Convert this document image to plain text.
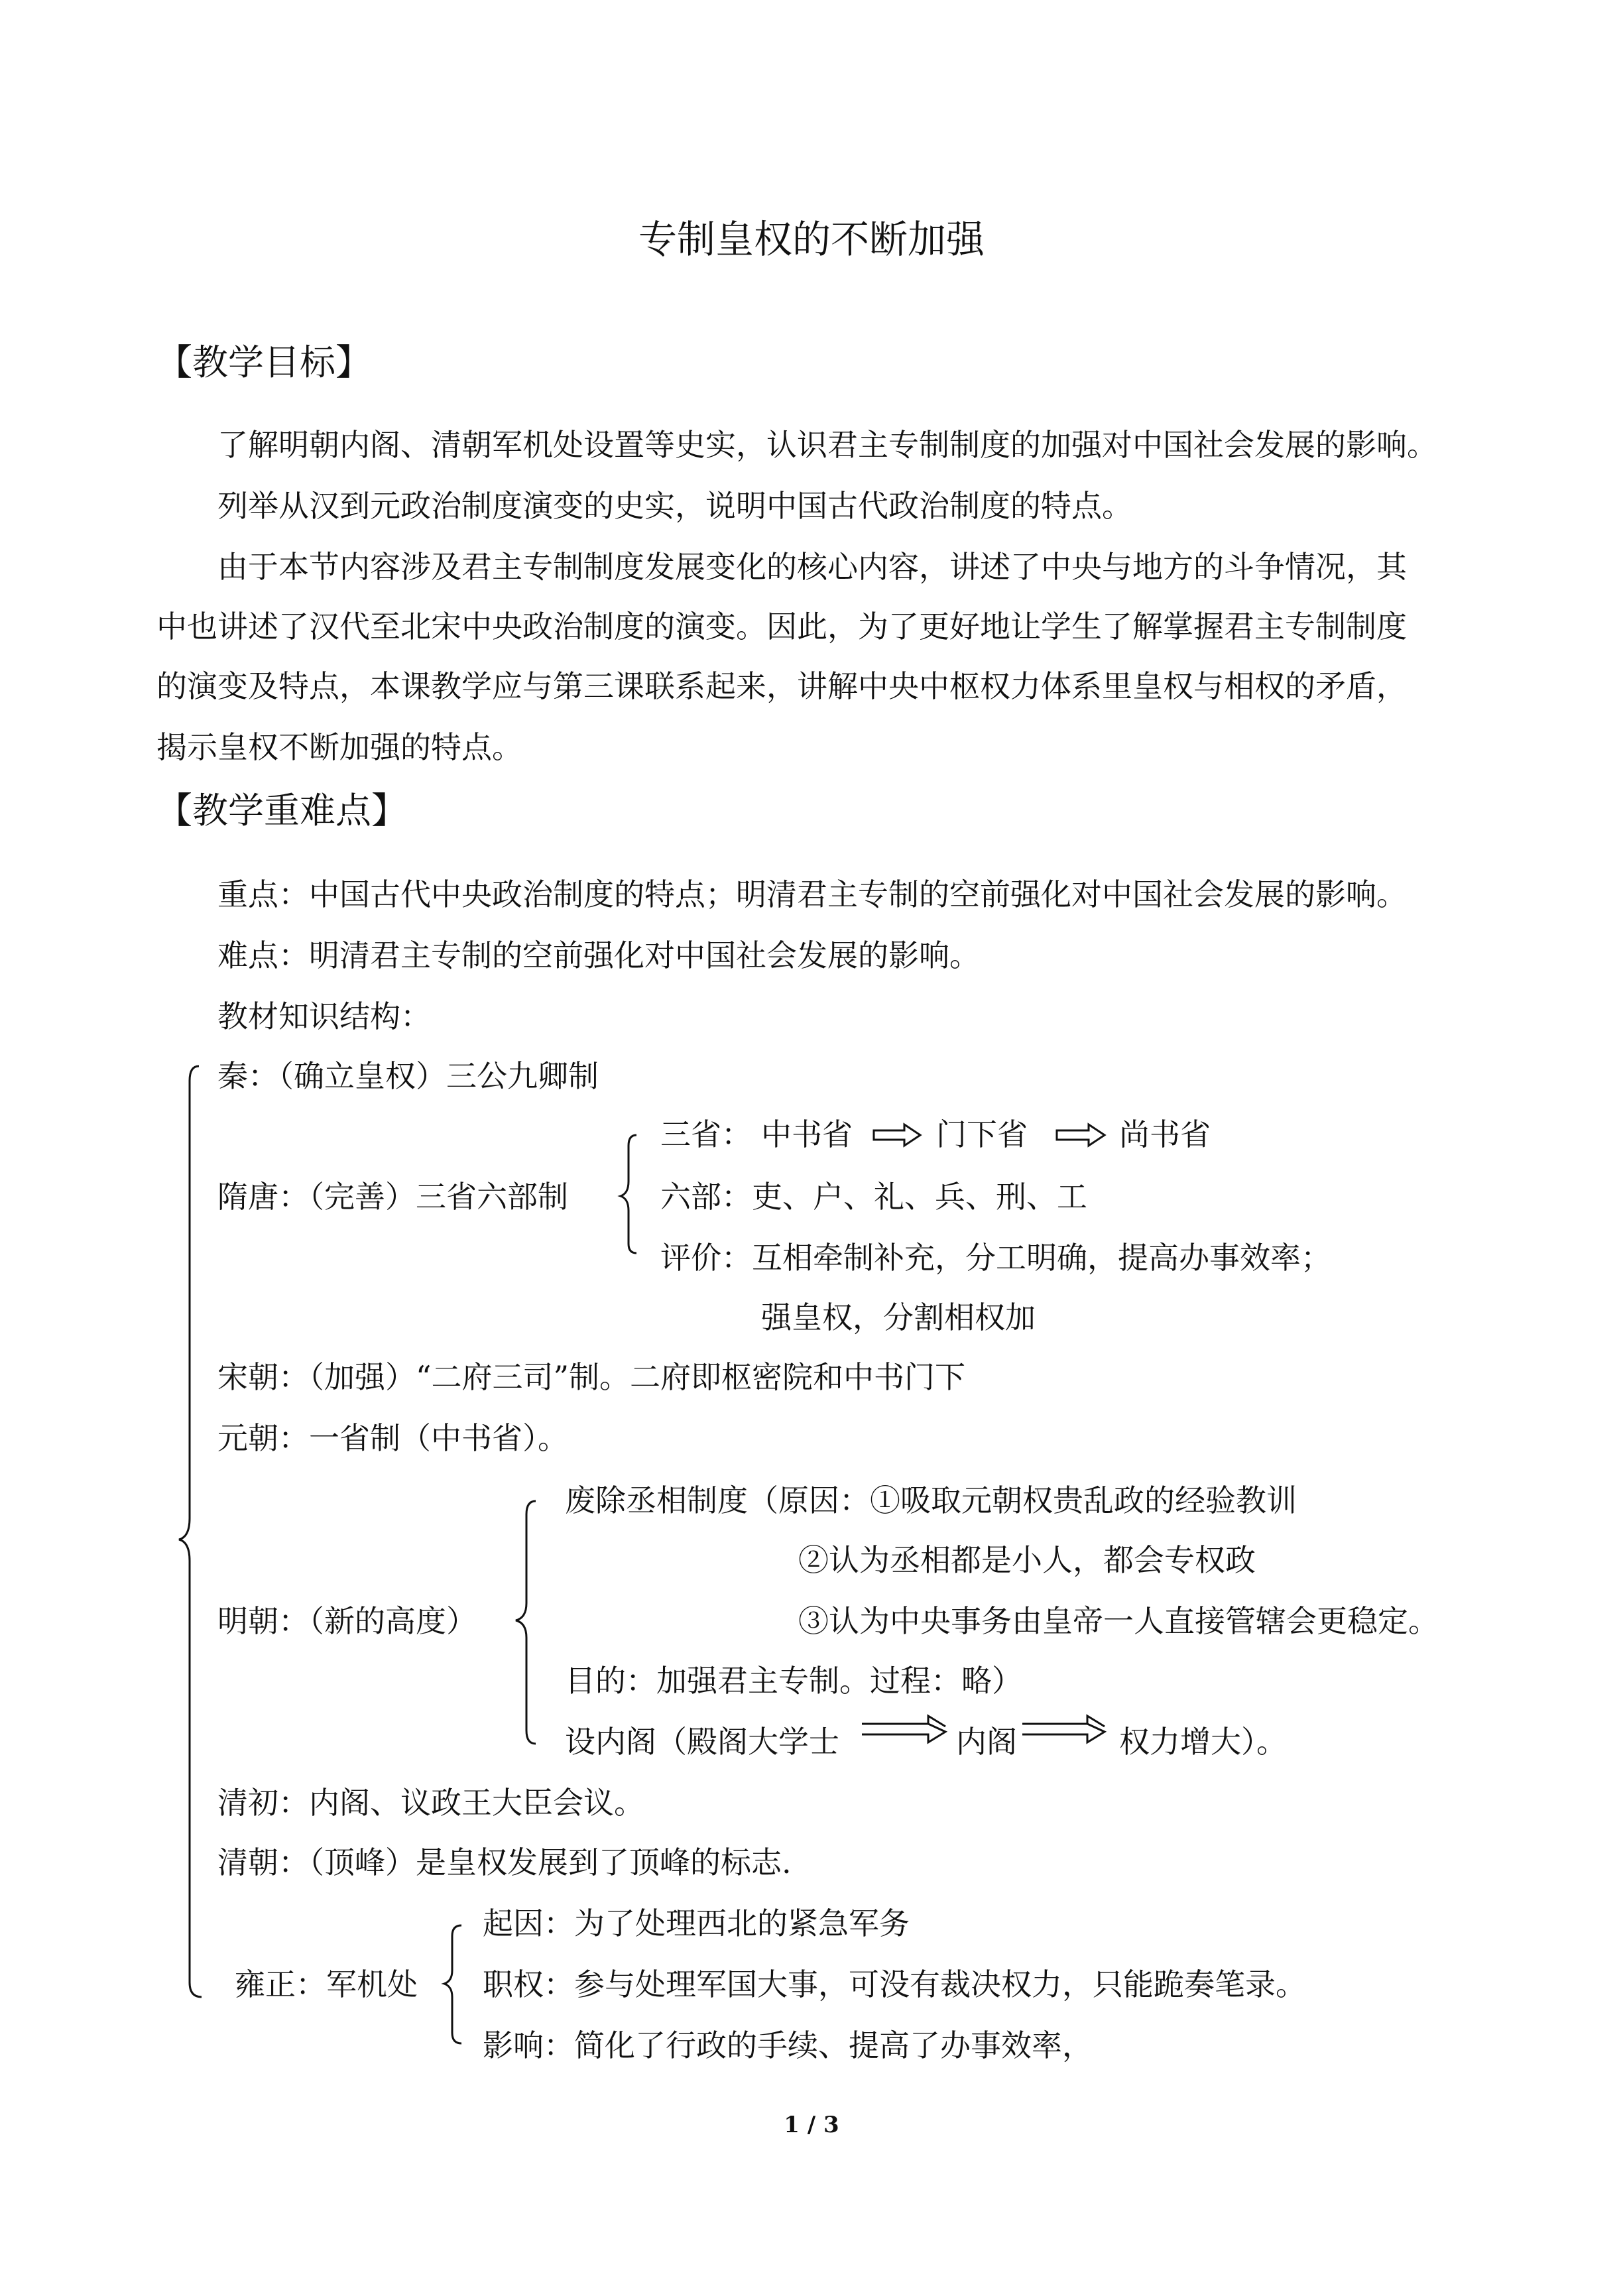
专制皇权的不断加强
【教学目标】
了解明朝内阁、清朝军机处设置等史实，认识君主专制制度的加强对中国社会发展的影响。
列举从汉到元政治制度演变的史实，说明中国古代政治制度的特点。
由于本节内容涉及君主专制制度发展变化的核心内容，讲述了中央与地方的斗争情况，其
中也讲述了汉代至北宋中央政治制度的演变。因此，为了更好地让学生了解掌握君主专制制度
的演变及特点，本课教学应与第三课联系起来，讲解中央中枢权力体系里皇权与相权的矛盾，
揭示皇权不断加强的特点。
【教学重难点】
重点：中国古代中央政治制度的特点；明清君主专制的空前强化对中国社会发展的影响。
难点：明清君主专制的空前强化对中国社会发展的影响。
教材知识结构：
秦：（确立皇权）三公九卿制
三省： 中书省	门下省	尚书省
隋唐：（完善）三省六部制	六部：吏、户、礼、兵、刑、工
评价：互相牵制补充，分工明确，提高办事效率；
强皇权，分割相权加
宋朝：（加强）“二府三司”制。二府即枢密院和中书门下
元朝：一省制（中书省）。
废除丞相制度（原因：①吸取元朝权贵乱政的经验教训
②认为丞相都是小人，都会专权政
明朝：（新的高度）	③认为中央事务由皇帝一人直接管辖会更稳定。
目的：加强君主专制。过程：略）
设内阁（殿阁大学士	内阁	权力增大）。
清初：内阁、议政王大臣会议。
清朝：（顶峰）是皇权发展到了顶峰的标志.
起因：为了处理西北的紧急军务
雍正：军机处 职权：参与处理军国大事，可没有裁决权力，只能跪奏笔录。
影响：简化了行政的手续、提高了办事效率，
1 / 3
